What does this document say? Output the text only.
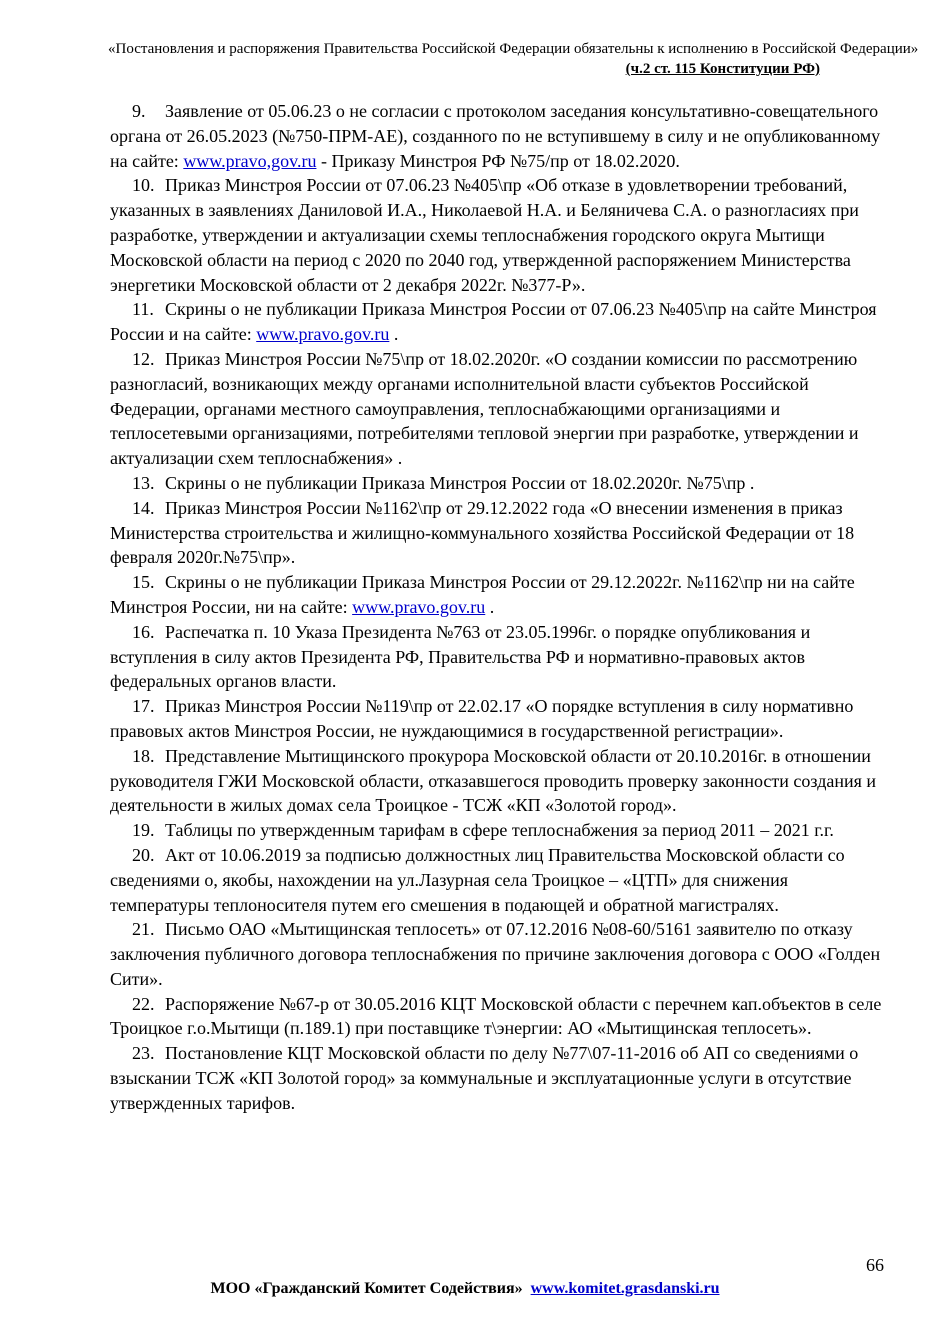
«Постановления и распоряжения Правительства Российской Федерации обязательны к исполнению в Российской Федерации»
(ч.2 ст. 115 Конституции РФ)

9. Заявление от 05.06.23 о не согласии с протоколом заседания консультативно-совещательного органа от 26.05.2023 (№750-ПРМ-АЕ), созданного по не вступившему в силу и не опубликованному на сайте: www.pravo,gov.ru - Приказу Минстроя РФ №75/пр от 18.02.2020.

10. Приказ Минстроя России от 07.06.23 №405\пр «Об отказе в удовлетворении требований, указанных в заявлениях Даниловой И.А., Николаевой Н.А. и Беляничева С.А. о разногласиях при разработке, утверждении и актуализации схемы теплоснабжения городского округа Мытищи Московской области на период с 2020 по 2040 год, утвержденной распоряжением Министерства энергетики Московской области от 2 декабря 2022г. №377-Р».

11. Скрины о не публикации Приказа Минстроя России от 07.06.23 №405\пр на сайте Минстроя России и на сайте: www.pravo.gov.ru .

12. Приказ Минстроя России №75\пр от 18.02.2020г. «О создании комиссии по рассмотрению разногласий, возникающих между органами исполнительной власти субъектов Российской Федерации, органами местного самоуправления, теплоснабжающими организациями и теплосетевыми организациями, потребителями тепловой энергии при разработке, утверждении и актуализации схем теплоснабжения» .

13. Скрины о не публикации Приказа Минстроя России от 18.02.2020г. №75\пр .

14. Приказ Минстроя России №1162\пр от 29.12.2022 года «О внесении изменения в приказ Министерства строительства и жилищно-коммунального хозяйства Российской Федерации от 18 февраля 2020г.№75\пр».

15. Скрины о не публикации Приказа Минстроя России от 29.12.2022г. №1162\пр ни на сайте Минстроя России, ни на сайте: www.pravo.gov.ru .

16. Распечатка п. 10 Указа Президента №763 от 23.05.1996г. о порядке опубликования и вступления в силу актов Президента РФ, Правительства РФ и нормативно-правовых актов федеральных органов власти.

17. Приказ Минстроя России №119\пр от 22.02.17 «О порядке вступления в силу нормативно правовых актов Минстроя России, не нуждающимися в государственной регистрации».

18. Представление Мытищинского прокурора Московской области от 20.10.2016г. в отношении руководителя ГЖИ Московской области, отказавшегося проводить проверку законности создания и деятельности в жилых домах села Троицкое - ТСЖ «КП «Золотой город».

19. Таблицы по утвержденным тарифам в сфере теплоснабжения за период 2011 – 2021 г.г.

20. Акт от 10.06.2019 за подписью должностных лиц Правительства Московской области со сведениями о, якобы, нахождении на ул.Лазурная села Троицкое – «ЦТП» для снижения температуры теплоносителя путем его смешения в подающей и обратной магистралях.

21. Письмо ОАО «Мытищинская теплосеть» от 07.12.2016 №08-60/5161 заявителю по отказу заключения публичного договора теплоснабжения по причине заключения договора с ООО «Голден Сити».

22. Распоряжение №67-р от 30.05.2016 КЦТ Московской области с перечнем кап.объектов в селе Троицкое г.о.Мытищи (п.189.1) при поставщике т\энергии: АО «Мытищинская теплосеть».

23. Постановление КЦТ Московской области по делу №77\07-11-2016 об АП со сведениями о взыскании ТСЖ «КП Золотой город» за коммунальные и эксплуатационные услуги в отсутствие утвержденных тарифов.

66
МОО «Гражданский Комитет Содействия» www.komitet.grasdanski.ru
